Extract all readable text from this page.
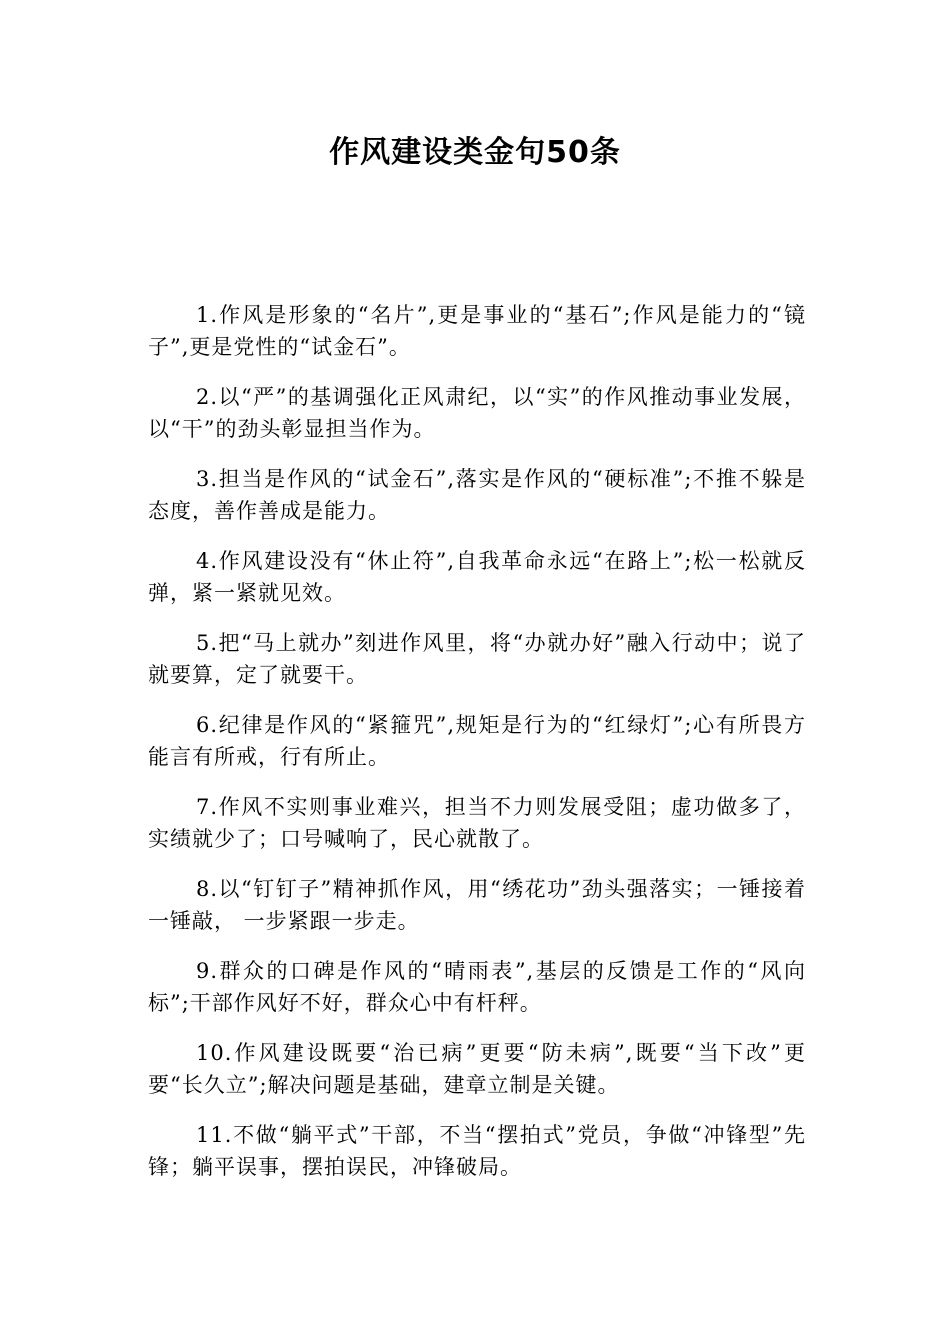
作风建设类金句50条

1.作风是形象的“名片”,更是事业的“基石”;作风是能力的“镜子”,更是党性的“试金石”。

2.以“严”的基调强化正风肃纪，以“实”的作风推动事业发展，以“干”的劲头彰显担当作为。

3.担当是作风的“试金石”,落实是作风的“硬标准”;不推不躲是态度，善作善成是能力。

4.作风建设没有“休止符”,自我革命永远“在路上”;松一松就反弹，紧一紧就见效。

5.把“马上就办”刻进作风里，将“办就办好”融入行动中；说了就要算，定了就要干。

6.纪律是作风的“紧箍咒”,规矩是行为的“红绿灯”;心有所畏方能言有所戒，行有所止。

7.作风不实则事业难兴，担当不力则发展受阻；虚功做多了，实绩就少了；口号喊响了，民心就散了。

8.以“钉钉子”精神抓作风，用“绣花功”劲头强落实；一锤接着一锤敲， 一步紧跟一步走。

9.群众的口碑是作风的“晴雨表”,基层的反馈是工作的“风向标”;干部作风好不好，群众心中有杆秤。

10.作风建设既要“治已病”更要“防未病”,既要“当下改”更要“长久立”;解决问题是基础，建章立制是关键。

11.不做“躺平式”干部，不当“摆拍式”党员，争做“冲锋型”先锋；躺平误事，摆拍误民，冲锋破局。
